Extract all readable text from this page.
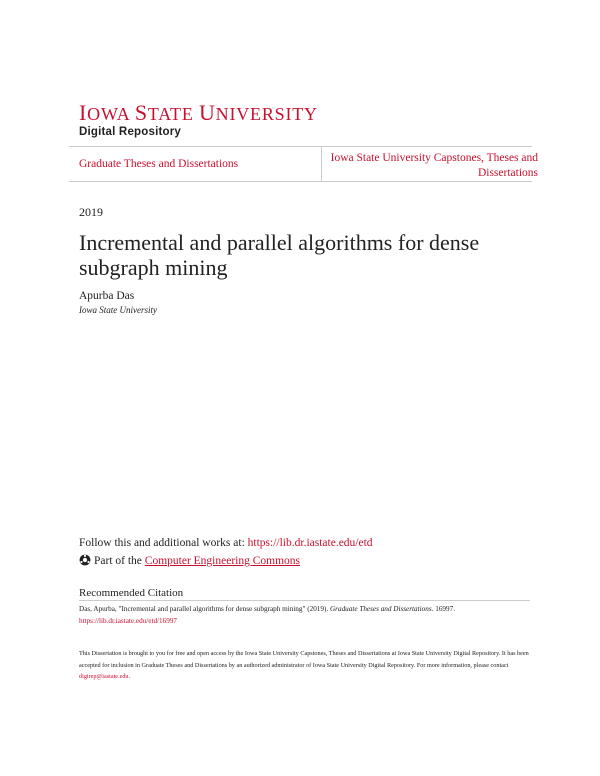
IOWA STATE UNIVERSITY
Digital Repository
Graduate Theses and Dissertations	Iowa State University Capstones, Theses and Dissertations
2019
Incremental and parallel algorithms for dense subgraph mining
Apurba Das
Iowa State University
Follow this and additional works at: https://lib.dr.iastate.edu/etd
Part of the Computer Engineering Commons
Recommended Citation
Das, Apurba, "Incremental and parallel algorithms for dense subgraph mining" (2019). Graduate Theses and Dissertations. 16997.
https://lib.dr.iastate.edu/etd/16997
This Dissertation is brought to you for free and open access by the Iowa State University Capstones, Theses and Dissertations at Iowa State University Digital Repository. It has been accepted for inclusion in Graduate Theses and Dissertations by an authorized administrator of Iowa State University Digital Repository. For more information, please contact digirep@iastate.edu.
